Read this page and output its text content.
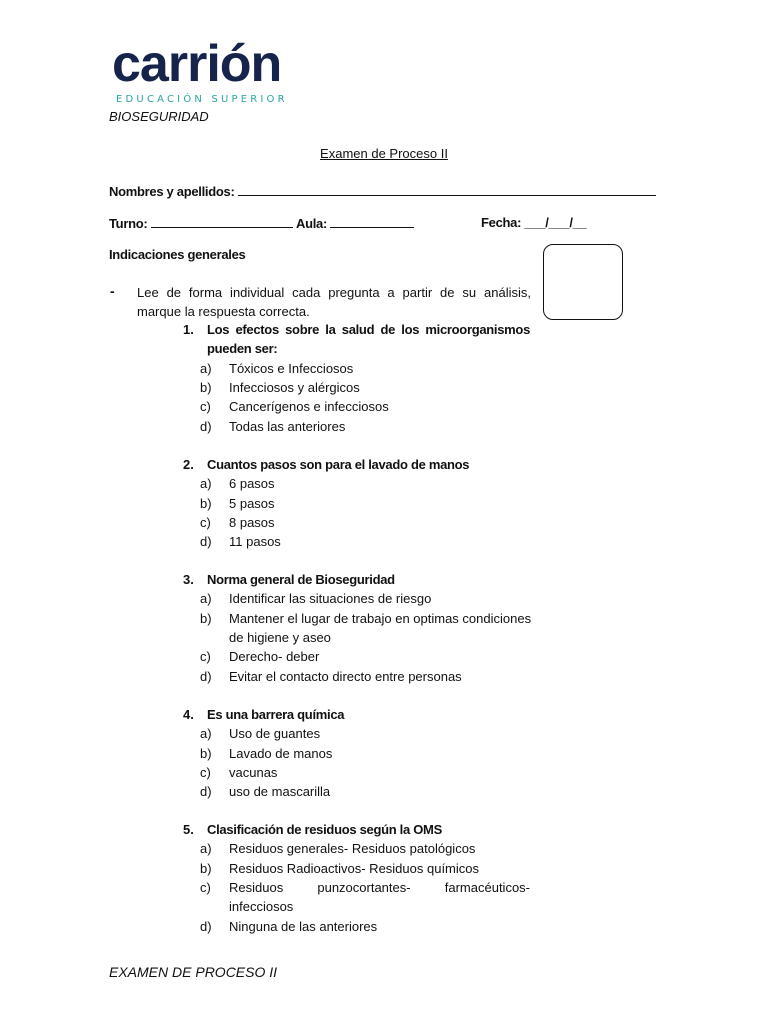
carrión
EDUCACIÓN SUPERIOR
BIOSEGURIDAD
Examen de Proceso II
Nombres y apellidos:
Turno:	Aula:	Fecha: ___/___/__
Indicaciones generales
- Lee de forma individual cada pregunta a partir de su análisis, marque la respuesta correcta.
1. Los efectos sobre la salud de los microorganismos
pueden ser:
a) Tóxicos e Infecciosos
b) Infecciosos y alérgicos
c) Cancerígenos e infecciosos
d) Todas las anteriores
2. Cuantos pasos son para el lavado de manos
a) 6 pasos
b) 5 pasos
c) 8 pasos
d) 11 pasos
3. Norma general de Bioseguridad
a) Identificar las situaciones de riesgo
b) Mantener el lugar de trabajo en optimas condiciones
de higiene y aseo
c) Derecho- deber
d) Evitar el contacto directo entre personas
4. Es una barrera química
a) Uso de guantes
b) Lavado de manos
c) vacunas
d) uso de mascarilla
5. Clasificación de residuos según la OMS
a) Residuos generales- Residuos patológicos
b) Residuos Radioactivos- Residuos químicos
c) Residuos punzocortantes- farmacéuticos-
infecciosos
d) Ninguna de las anteriores
EXAMEN DE PROCESO II
